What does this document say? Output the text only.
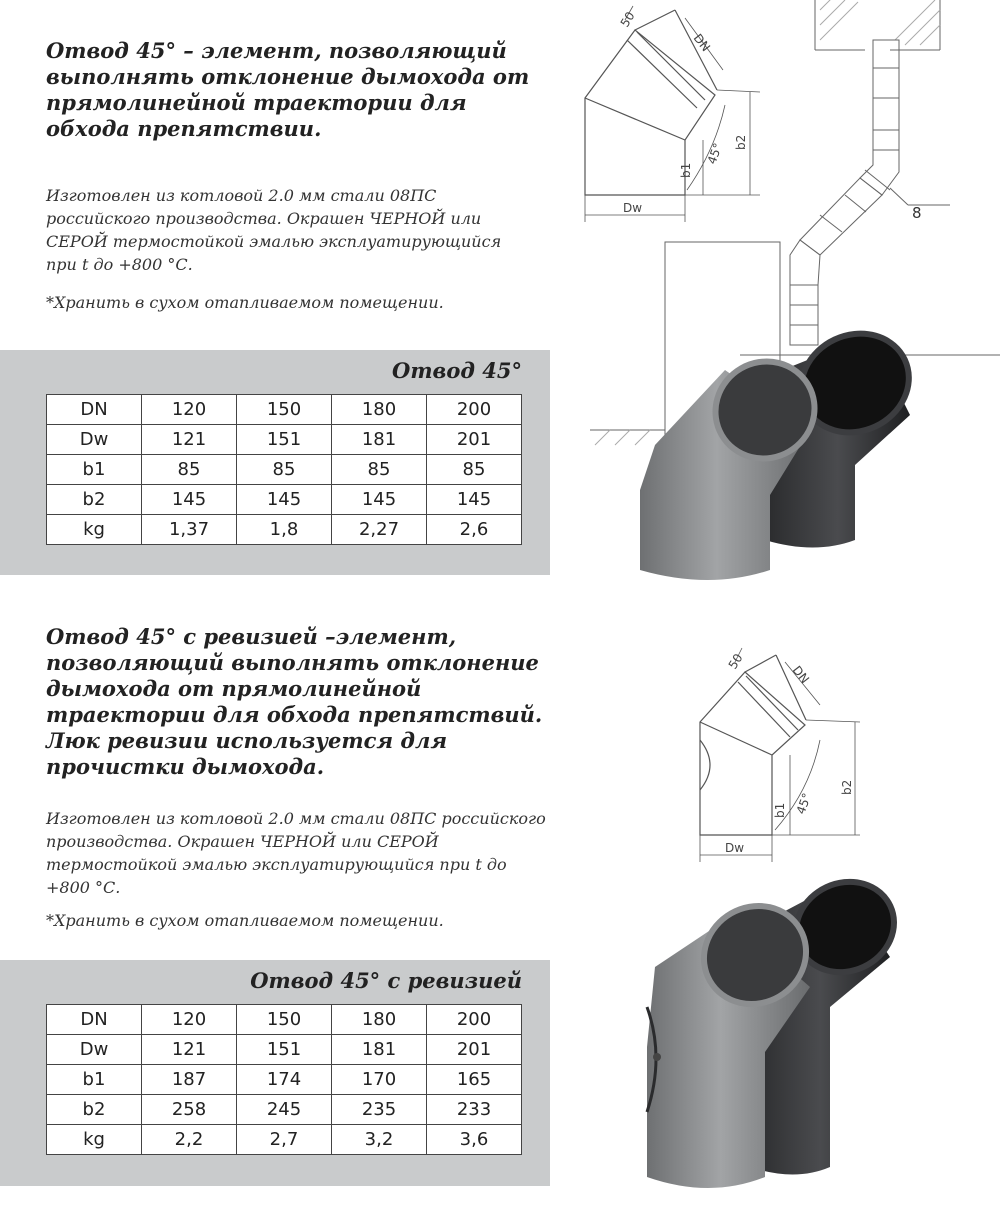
Отвод 45° – элемент, позволяющий выполнять отклонение дымохода от прямолинейной траектории для обхода препятствии.

Изготовлен из котловой 2.0 мм стали 08ПС российского производства. Окрашен ЧЕРНОЙ или СЕРОЙ термостойкой эмалью эксплуатирующийся при t до +800 °С.

*Хранить в сухом отапливаемом помещении.

Отвод 45°
DN	120	150	180	200
Dw	121	151	181	201
b1	85	85	85	85
b2	145	145	145	145
kg	1,37	1,8	2,27	2,6
50
DN
b1
b2
45°
Dw	8
Отвод 45° с ревизией –элемент, позволяющий выполнять отклонение дымохода от прямолинейной траектории для обхода препятствий. Люк ревизии используется для прочистки дымохода.

Изготовлен из котловой 2.0 мм стали 08ПС российского производства. Окрашен ЧЕРНОЙ или СЕРОЙ термостойкой эмалью эксплуатирующийся при t до +800 °С.

*Хранить в сухом отапливаемом помещении.

Отвод 45° с ревизией
DN	120	150	180	200
Dw	121	151	181	201
b1	187	174	170	165
b2	258	245	235	233
kg	2,2	2,7	3,2	3,6
50
DN
b1
b2
45°
Dw
